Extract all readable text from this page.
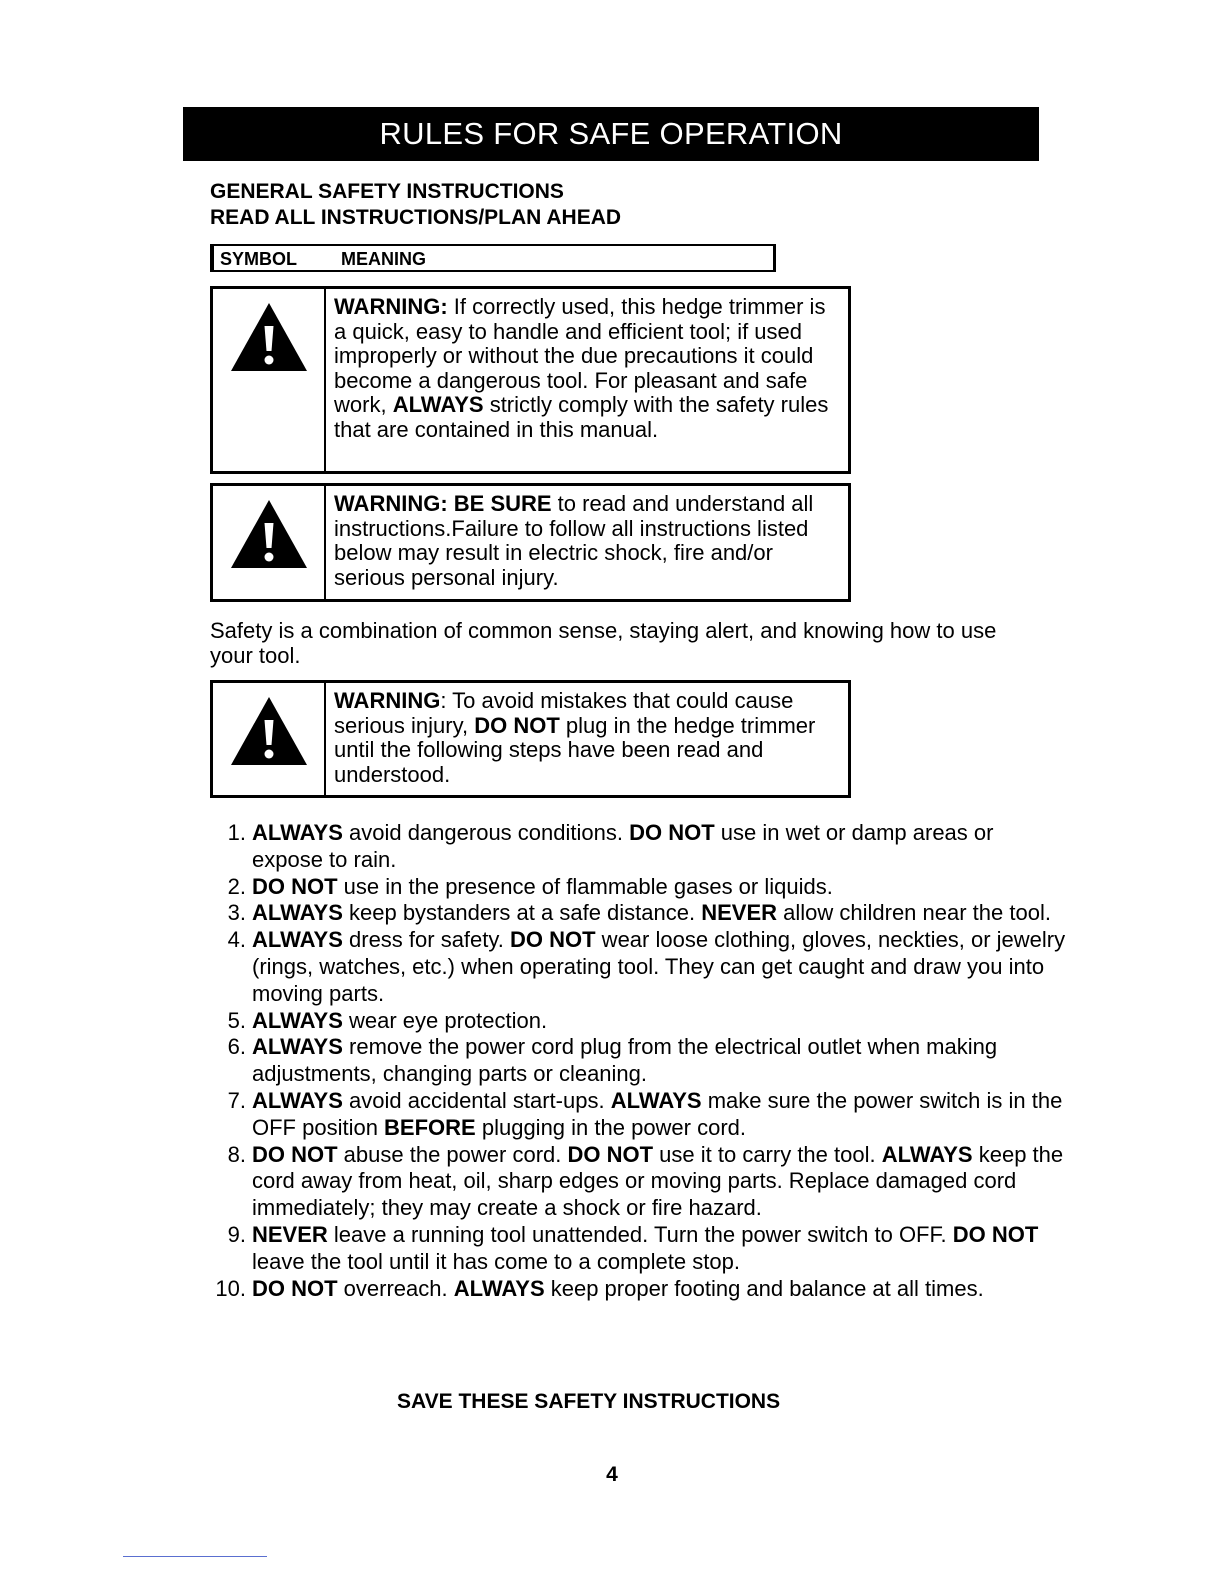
RULES FOR SAFE OPERATION
GENERAL SAFETY INSTRUCTIONS
READ ALL INSTRUCTIONS/PLAN AHEAD
SYMBOL MEANING
WARNING: If correctly used, this hedge trimmer is a quick, easy to handle and efficient tool; if used improperly or without the due precautions it could become a dangerous tool. For pleasant and safe work, ALWAYS strictly comply with the safety rules that are contained in this manual.
WARNING: BE SURE to read and understand all instructions.Failure to follow all instructions listed below may result in electric shock, fire and/or serious personal injury.
Safety is a combination of common sense, staying alert, and knowing how to use your tool.
WARNING: To avoid mistakes that could cause serious injury, DO NOT plug in the hedge trimmer until the following steps have been read and understood.
1. ALWAYS avoid dangerous conditions. DO NOT use in wet or damp areas or expose to rain.
2. DO NOT use in the presence of flammable gases or liquids.
3. ALWAYS keep bystanders at a safe distance. NEVER allow children near the tool.
4. ALWAYS dress for safety. DO NOT wear loose clothing, gloves, neckties, or jewelry (rings, watches, etc.) when operating tool. They can get caught and draw you into moving parts.
5. ALWAYS wear eye protection.
6. ALWAYS remove the power cord plug from the electrical outlet when making adjustments, changing parts or cleaning.
7. ALWAYS avoid accidental start-ups. ALWAYS make sure the power switch is in the OFF position BEFORE plugging in the power cord.
8. DO NOT abuse the power cord. DO NOT use it to carry the tool. ALWAYS keep the cord away from heat, oil, sharp edges or moving parts. Replace damaged cord immediately; they may create a shock or fire hazard.
9. NEVER leave a running tool unattended. Turn the power switch to OFF. DO NOT leave the tool until it has come to a complete stop.
10. DO NOT overreach. ALWAYS keep proper footing and balance at all times.
SAVE THESE SAFETY INSTRUCTIONS
4
